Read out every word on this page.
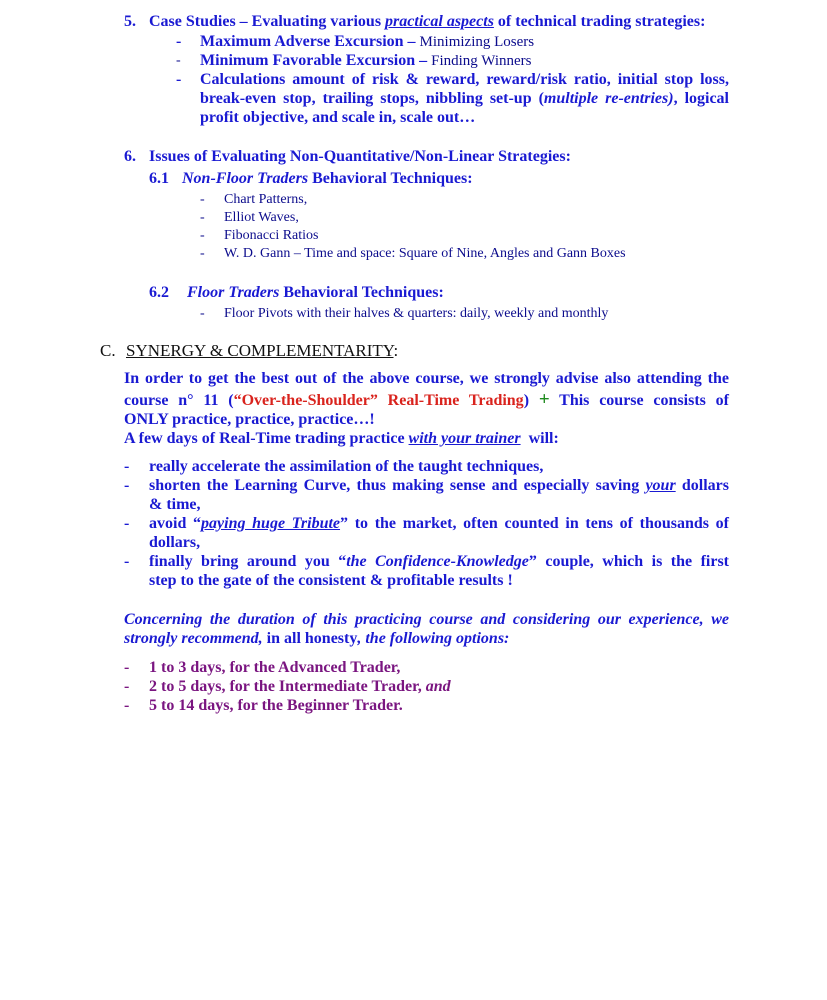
5. Case Studies – Evaluating various practical aspects of technical trading strategies:
- Maximum Adverse Excursion – Minimizing Losers
- Minimum Favorable Excursion – Finding Winners
- Calculations amount of risk & reward, reward/risk ratio, initial stop loss,
break-even stop, trailing stops, nibbling set-up (multiple re-entries), logical
profit objective, and scale in, scale out…
6. Issues of Evaluating Non-Quantitative/Non-Linear Strategies:
6.1 Non-Floor Traders Behavioral Techniques:
- Chart Patterns,
- Elliot Waves,
- Fibonacci Ratios
- W. D. Gann – Time and space: Square of Nine, Angles and Gann Boxes
6.2 Floor Traders Behavioral Techniques:
- Floor Pivots with their halves & quarters: daily, weekly and monthly
C. SYNERGY & COMPLEMENTARITY:
In order to get the best out of the above course, we strongly advise also attending the
course n° 11 (“Over-the-Shoulder” Real-Time Trading) + This course consists of
ONLY practice, practice, practice…!
A few days of Real-Time trading practice with your trainer  will:
- really accelerate the assimilation of the taught techniques,
- shorten the Learning Curve, thus making sense and especially saving your dollars
& time,
- avoid “paying huge Tribute” to the market, often counted in tens of thousands of
dollars,
- finally bring around you “the Confidence-Knowledge” couple, which is the first
step to the gate of the consistent & profitable results !
Concerning the duration of this practicing course and considering our experience, we
strongly recommend, in all honesty, the following options:
- 1 to 3 days, for the Advanced Trader,
- 2 to 5 days, for the Intermediate Trader, and
- 5 to 14 days, for the Beginner Trader.
